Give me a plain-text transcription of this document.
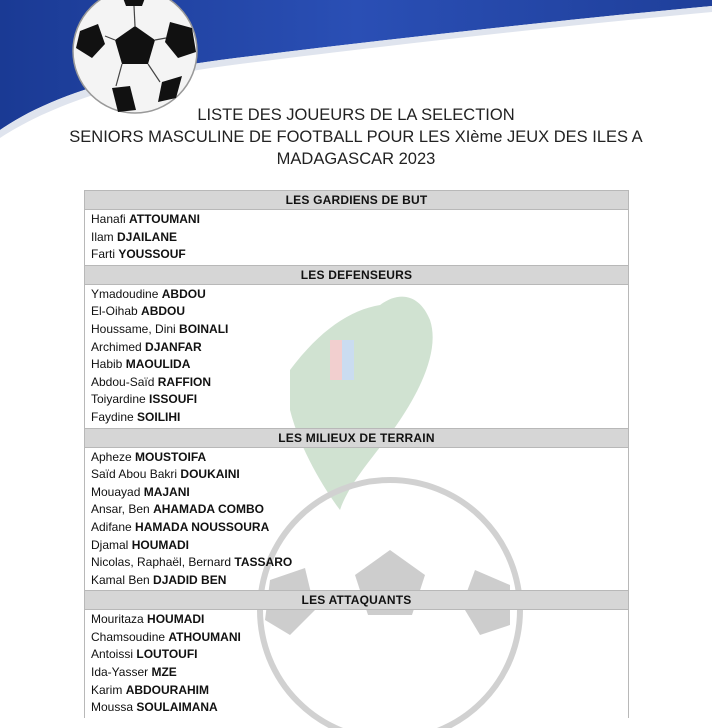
LISTE DES JOUEURS DE LA SELECTION
SENIORS MASCULINE DE FOOTBALL POUR LES XIème JEUX DES ILES A
MADAGASCAR 2023
LES GARDIENS DE BUT
Hanafi ATTOUMANI
Ilam DJAILANE
Farti YOUSSOUF
LES DEFENSEURS
Ymadoudine ABDOU
El-Oihab ABDOU
Houssame, Dini BOINALI
Archimed DJANFAR
Habib MAOULIDA
Abdou-Saïd RAFFION
Toiyardine ISSOUFI
Faydine SOILIHI
LES MILIEUX DE TERRAIN
Apheze MOUSTOIFA
Saïd Abou Bakri DOUKAINI
Mouayad MAJANI
Ansar, Ben AHAMADA COMBO
Adifane HAMADA NOUSSOURA
Djamal HOUMADI
Nicolas, Raphaël, Bernard TASSARO
Kamal Ben DJADID BEN
LES ATTAQUANTS
Mouritaza HOUMADI
Chamsoudine ATHOUMANI
Antoissi LOUTOUFI
Ida-Yasser MZE
Karim ABDOURAHIM
Moussa SOULAIMANA
